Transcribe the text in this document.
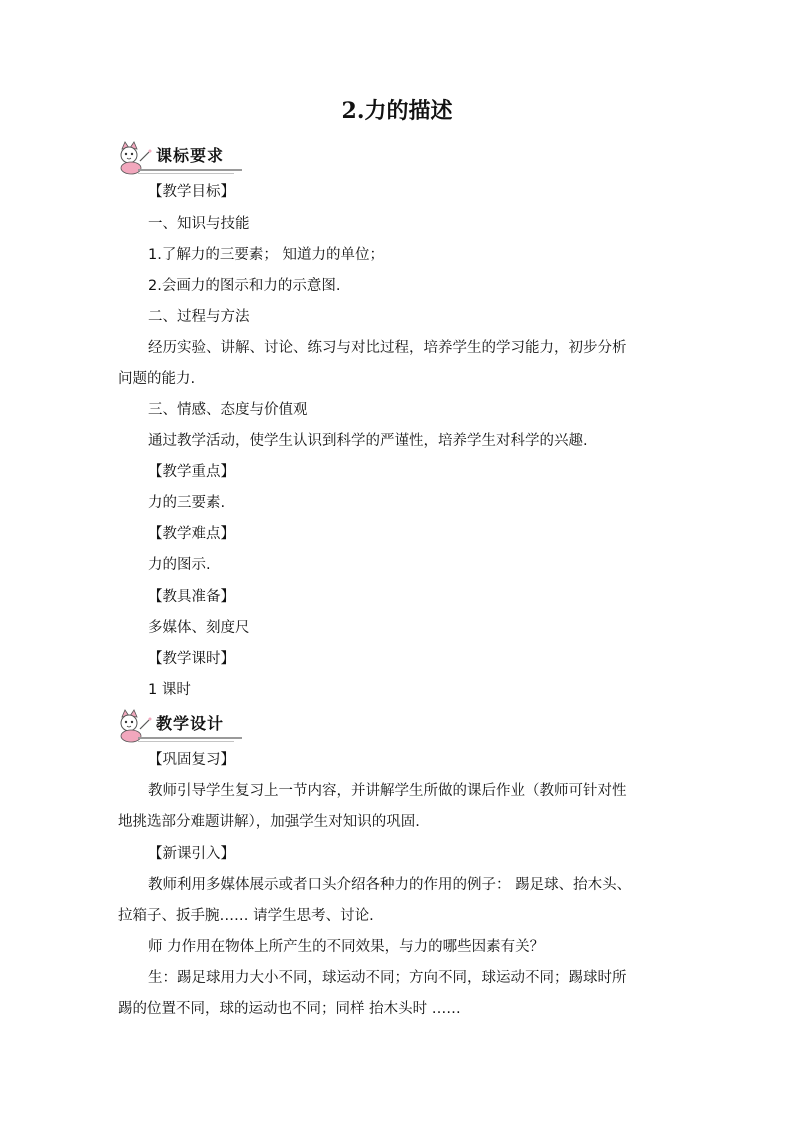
2.力的描述
课标要求
【教学目标】
一、知识与技能
1.了解力的三要素； 知道力的单位；
2.会画力的图示和力的示意图.
二、过程与方法
经历实验、讲解、讨论、练习与对比过程，培养学生的学习能力，初步分析
问题的能力.
三、情感、态度与价值观
通过教学活动，使学生认识到科学的严谨性，培养学生对科学的兴趣.
【教学重点】
力的三要素.
【教学难点】
力的图示.
【教具准备】
多媒体、刻度尺
【教学课时】
1 课时
教学设计
【巩固复习】
教师引导学生复习上一节内容，并讲解学生所做的课后作业（教师可针对性
地挑选部分难题讲解），加强学生对知识的巩固.
【新课引入】
教师利用多媒体展示或者口头介绍各种力的作用的例子： 踢足球、抬木头、
拉箱子、扳手腕…… 请学生思考、讨论.
师 力作用在物体上所产生的不同效果，与力的哪些因素有关？
生：踢足球用力大小不同，球运动不同；方向不同，球运动不同；踢球时所
踢的位置不同，球的运动也不同；同样 抬木头时 ……
